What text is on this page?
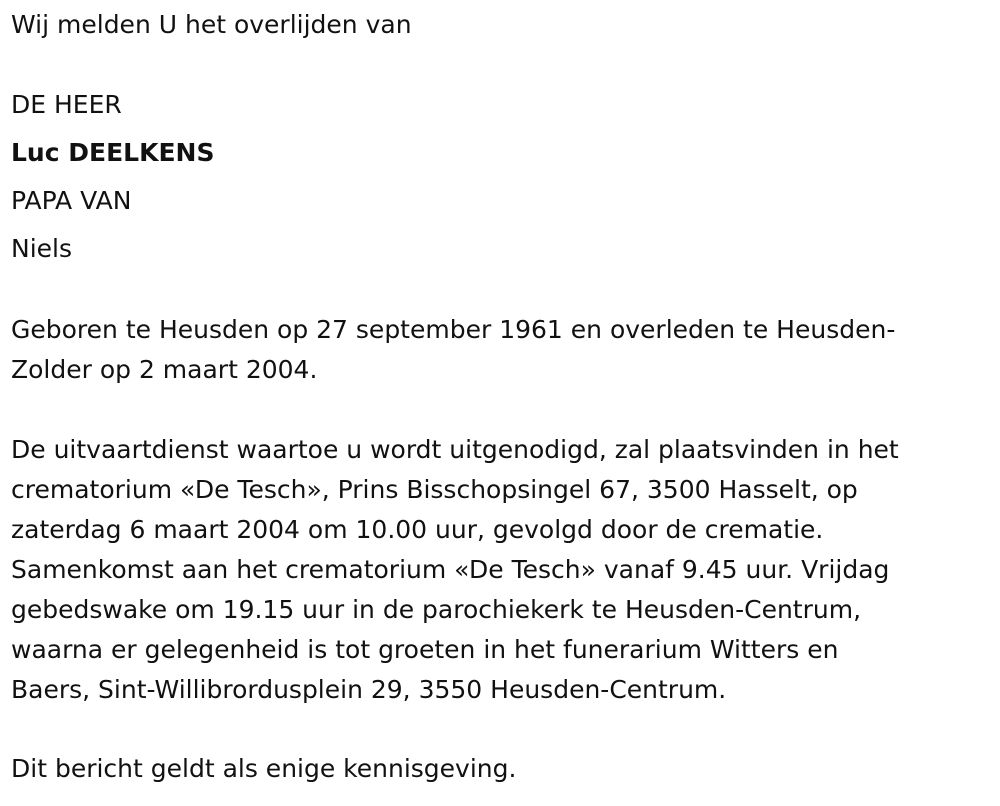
Wij melden U het overlijden van

DE HEER

Luc DEELKENS

PAPA VAN

Niels

Geboren te Heusden op 27 september 1961 en overleden te Heusden-
Zolder op 2 maart 2004.

De uitvaartdienst waartoe u wordt uitgenodigd, zal plaatsvinden in het
crematorium «De Tesch», Prins Bisschopsingel 67, 3500 Hasselt, op
zaterdag 6 maart 2004 om 10.00 uur, gevolgd door de crematie.
Samenkomst aan het crematorium «De Tesch» vanaf 9.45 uur. Vrijdag
gebedswake om 19.15 uur in de parochiekerk te Heusden-Centrum,
waarna er gelegenheid is tot groeten in het funerarium Witters en
Baers, Sint-Willibrordusplein 29, 3550 Heusden-Centrum.

Dit bericht geldt als enige kennisgeving.
